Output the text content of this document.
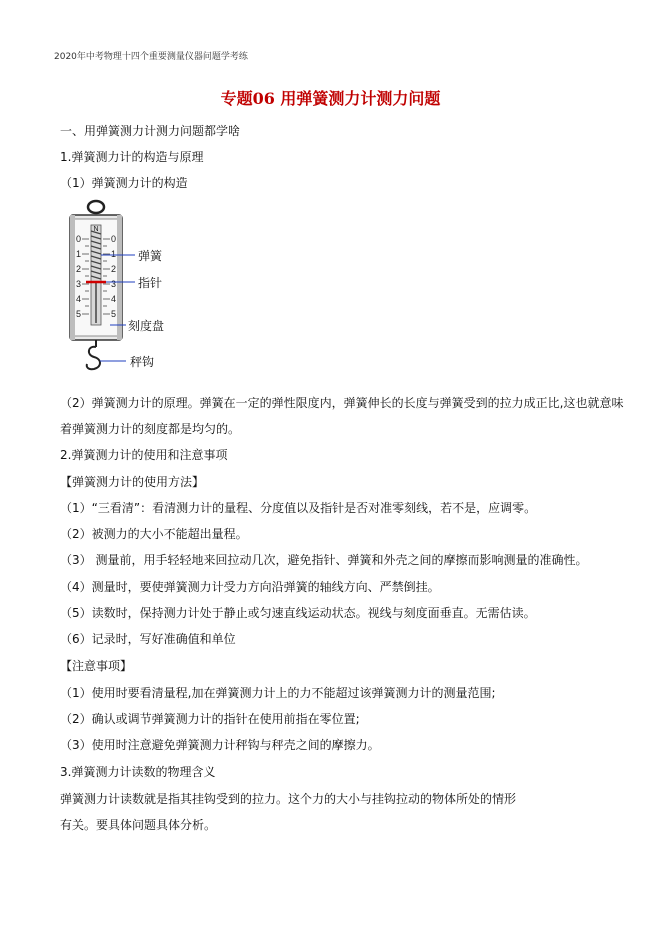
2020年中考物理十四个重要测量仪器问题学考练
专题06 用弹簧测力计测力问题
一、用弹簧测力计测力问题都学啥
1.弹簧测力计的构造与原理
（1）弹簧测力计的构造
N
0
1
2
3
4
5
0
1
2
3
4
5
弹簧
指针
刻度盘
秤钩
（2）弹簧测力计的原理。弹簧在一定的弹性限度内，弹簧伸长的长度与弹簧受到的拉力成正比,这也就意味
着弹簧测力计的刻度都是均匀的。
2.弹簧测力计的使用和注意事项
【弹簧测力计的使用方法】
（1）“三看清”：看清测力计的量程、分度值以及指针是否对准零刻线，若不是，应调零。
（2）被测力的大小不能超出量程。
（3） 测量前，用手轻轻地来回拉动几次，避免指针、弹簧和外壳之间的摩擦而影响测量的准确性。
（4）测量时，要使弹簧测力计受力方向沿弹簧的轴线方向、严禁倒挂。
（5）读数时，保持测力计处于静止或匀速直线运动状态。视线与刻度面垂直。无需估读。
（6）记录时，写好准确值和单位
【注意事项】
（1）使用时要看清量程,加在弹簧测力计上的力不能超过该弹簧测力计的测量范围;
（2）确认或调节弹簧测力计的指针在使用前指在零位置;
（3）使用时注意避免弹簧测力计秤钩与秤壳之间的摩擦力。
3.弹簧测力计读数的物理含义
弹簧测力计读数就是指其挂钩受到的拉力。这个力的大小与挂钩拉动的物体所处的情形
有关。要具体问题具体分析。
